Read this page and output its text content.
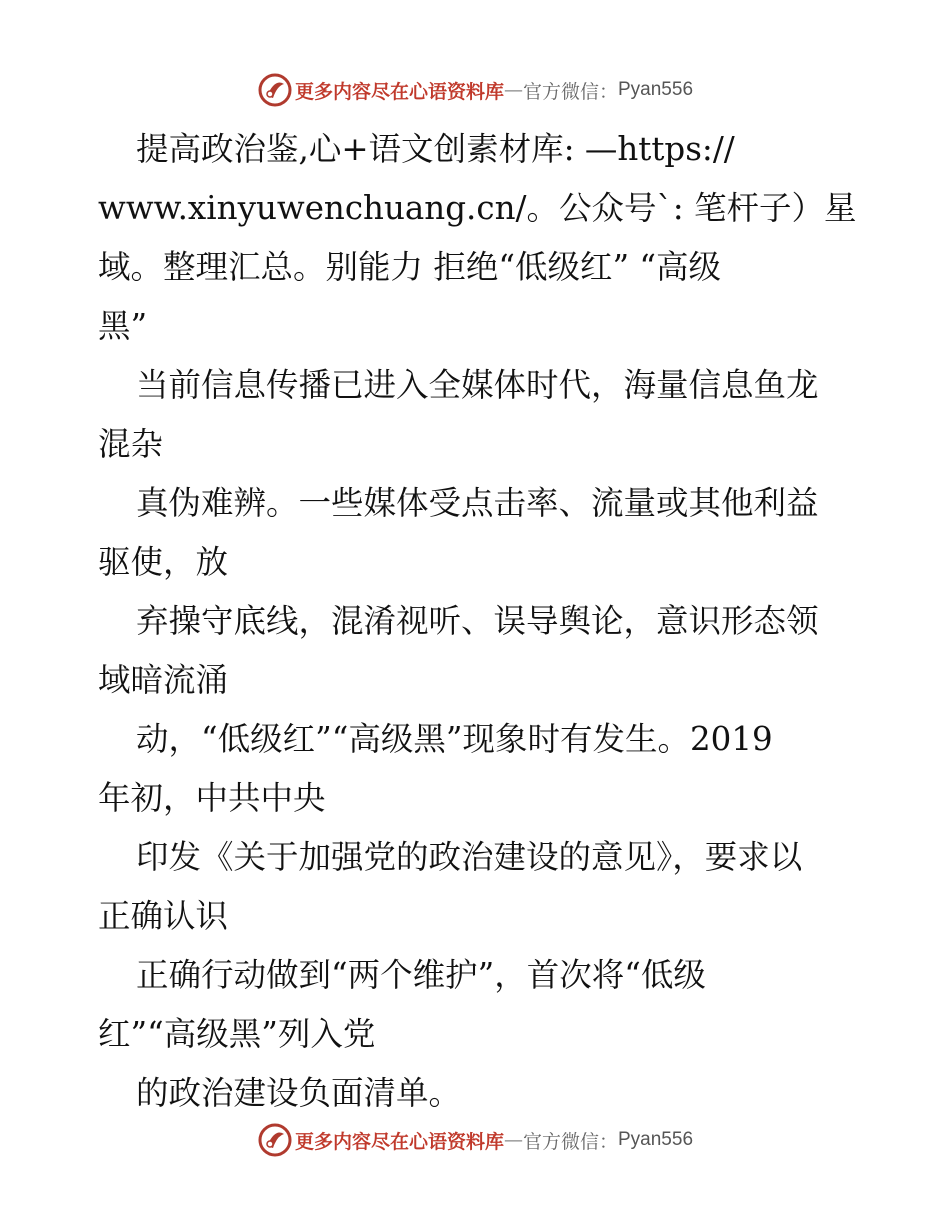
更多内容尽在心语资料库 — 官方微信： Pyan556
提高政治鉴,心+语文创素材库: —https://
www.xinyuwenchuang.cn/。公众号`: 笔杆子）星
域。整理汇总。别能力 拒绝“低级红” “高级
黑”
当前信息传播已进入全媒体时代，海量信息鱼龙
混杂
真伪难辨。一些媒体受点击率、流量或其他利益
驱使，放
弃操守底线，混淆视听、误导舆论，意识形态领
域暗流涌
动，“低级红”“高级黑”现象时有发生。2019
年初，中共中央
印发《关于加强党的政治建设的意见》，要求以
正确认识
正确行动做到“两个维护”，首次将“低级
红”“高级黑”列入党
的政治建设负面清单。
更多内容尽在心语资料库 — 官方微信： Pyan556
